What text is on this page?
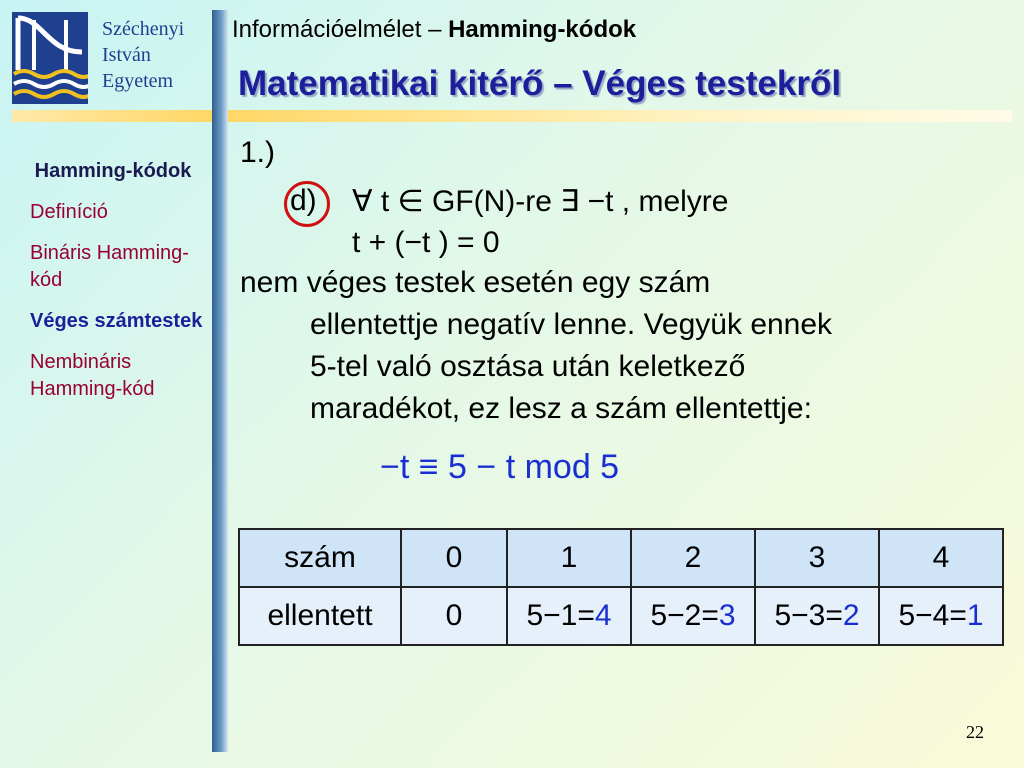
Széchenyi
István
Egyetem
Információelmélet – Hamming-kódok
Matematikai kitérő – Véges testekről
Hamming-kódok
Definíció
Bináris Hamming-kód
Véges számtestek
Nembináris Hamming-kód
1.)
d) ∀ t ∈ GF(N)-re ∃ −t , melyre
t + (−t ) = 0
nem véges testek esetén egy szám
ellentettje negatív lenne. Vegyük ennek
5-tel való osztása után keletkező
maradékot, ez lesz a szám ellentettje:
−t ≡ 5 − t mod 5
szám	0	1	2	3	4
ellentett	0	5−1=4	5−2=3	5−3=2	5−4=1
22
